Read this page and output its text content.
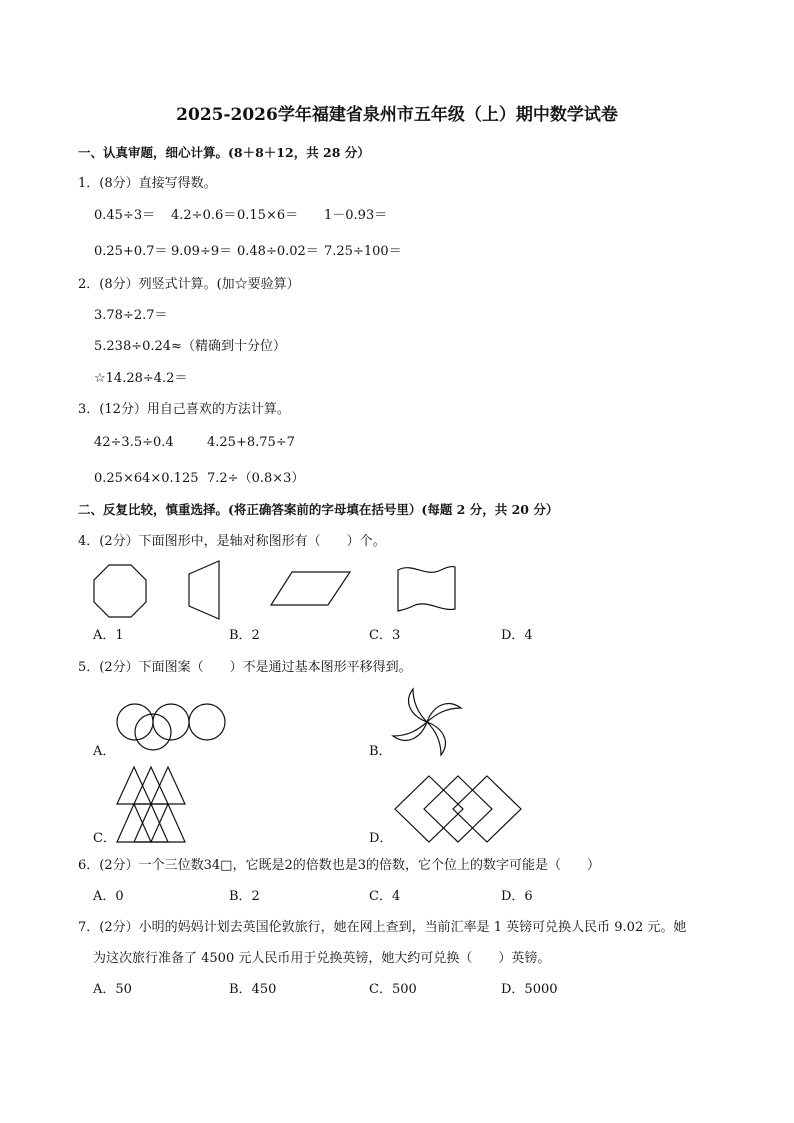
2025-2026学年福建省泉州市五年级（上）期中数学试卷
一、认真审题，细心计算。(8＋8＋12，共 28 分）
1．(8分）直接写得数。
0.45÷3＝ 4.2÷0.6＝ 0.15×6＝ 1－0.93＝
0.25+0.7＝ 9.09÷9＝ 0.48÷0.02＝ 7.25÷100＝
2．(8分）列竖式计算。(加☆要验算）
3.78÷2.7＝
5.238÷0.24≈（精确到十分位）
☆14.28÷4.2＝
3．(12分）用自己喜欢的方法计算。
42÷3.5÷0.4	4.25+8.75÷7
0.25×64×0.125 7.2÷（0.8×3）
二、反复比较，慎重选择。(将正确答案前的字母填在括号里）(每题 2 分，共 20 分）
4．(2分）下面图形中，是轴对称图形有（　　）个。
A．1	B．2	C．3	D．4
5．(2分）下面图案（　　）不是通过基本图形平移得到。
A．	B．
C．	D．
6．(2分）一个三位数34□，它既是2的倍数也是3的倍数，它个位上的数字可能是（　　）
A．0	B．2	C．4	D．6
7．(2分）小明的妈妈计划去英国伦敦旅行，她在网上查到，当前汇率是 1 英镑可兑换人民币 9.02 元。她
为这次旅行准备了 4500 元人民币用于兑换英镑，她大约可兑换（　　）英镑。
A．50	B．450	C．500	D．5000
